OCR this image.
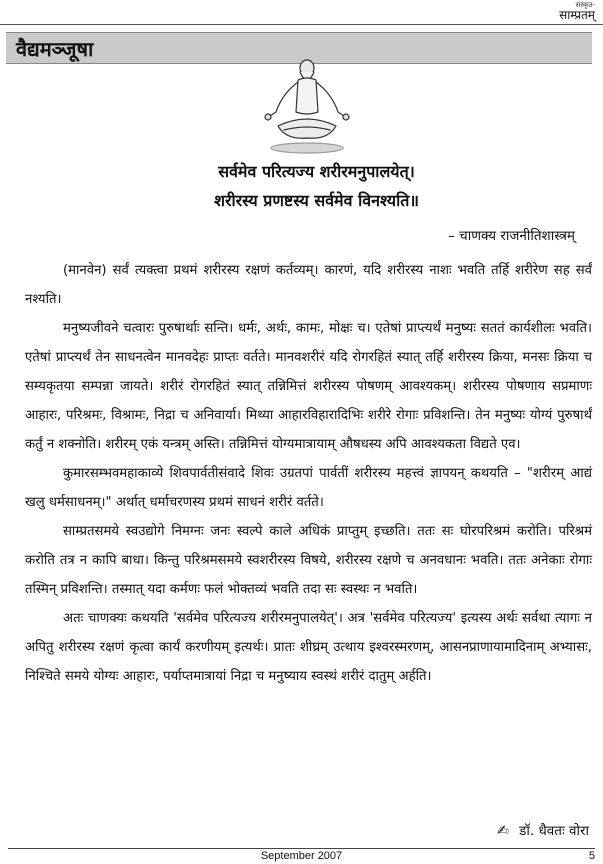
संस्कृत-
साम्प्रतम्
वैद्यमञ्जूषा
सर्वमेव परित्यज्य शरीरमनुपालयेत्।
शरीरस्य प्रणष्टस्य सर्वमेव विनश्यति॥
– चाणक्य राजनीतिशास्त्रम्

(मानवेन) सर्वं त्यक्त्वा प्रथमं शरीरस्य रक्षणं कर्तव्यम्। कारणं, यदि शरीरस्य नाशः भवति तर्हि शरीरेण सह सर्वं नश्यति।

मनुष्यजीवने चत्वारः पुरुषार्थाः सन्ति। धर्मः, अर्थः, कामः, मोक्षः च। एतेषां प्राप्त्यर्थं मनुष्यः सततं कार्यशीलः भवति। एतेषां प्राप्त्यर्थं तेन साधनत्वेन मानवदेहः प्राप्तः वर्तते। मानवशरीरं यदि रोगरहितं स्यात् तर्हि शरीरस्य क्रिया, मनसः क्रिया च सम्यकृतया सम्पन्ना जायते। शरीरं रोगरहितं स्यात् तन्निमित्तं शरीरस्य पोषणम् आवश्यकम्। शरीरस्य पोषणाय सप्रमाणः आहारः, परिश्रमः, विश्रामः, निद्रा च अनिवार्या। मिथ्या आहारविहारादिभिः शरीरे रोगाः प्रविशन्ति। तेन मनुष्यः योग्यं पुरुषार्थं कर्तुं न शक्नोति। शरीरम् एकं यन्त्रम् अस्ति। तन्निमित्तं योग्यमात्रायाम् औषधस्य अपि आवश्यकता विद्यते एव।

कुमारसम्भवमहाकाव्ये शिवपार्वतीसंवादे शिवः उग्रतपां पार्वतीं शरीरस्य महत्त्वं ज्ञापयन् कथयति – "शरीरम् आद्यं खलु धर्मसाधनम्।" अर्थात् धर्माचरणस्य प्रथमं साधनं शरीरं वर्तते।

साम्प्रतसमये स्वउद्योगे निमग्नः जनः स्वल्पे काले अधिकं प्राप्तुम् इच्छति। ततः सः घोरपरिश्रमं करोति। परिश्रमं करोति तत्र न कापि बाधा। किन्तु परिश्रमसमये स्वशरीरस्य विषये, शरीरस्य रक्षणे च अनवधानः भवति। ततः अनेकाः रोगाः तस्मिन् प्रविशन्ति। तस्मात् यदा कर्मणः फलं भोक्तव्यं भवति तदा सः स्वस्थः न भवति।

अतः चाणक्यः कथयति 'सर्वमेव परित्यज्य शरीरमनुपालयेत्'। अत्र 'सर्वमेव परित्यज्य' इत्यस्य अर्थः सर्वथा त्यागः न अपितु शरीरस्य रक्षणं कृत्वा कार्यं करणीयम् इत्यर्थः। प्रातः शीघ्रम् उत्थाय इश्वरस्मरणम्, आसनप्राणायामादिनाम् अभ्यासः, निश्चिते समये योग्यः आहारः, पर्याप्तमात्रायां निद्रा च मनुष्याय स्वस्थं शरीरं दातुम् अर्हति।

✍ डॉ. धैवतः वोरा
September 2007	5
